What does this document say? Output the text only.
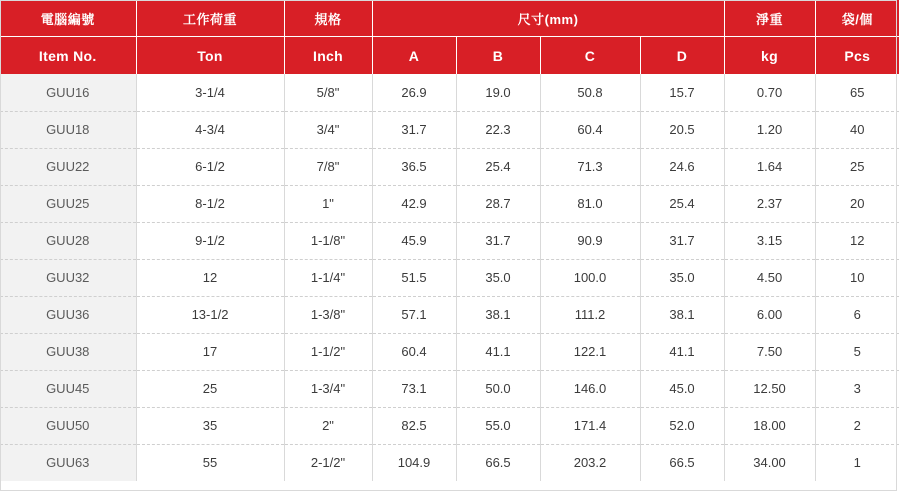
電腦編號	工作荷重	規格	尺寸(mm)				淨重	袋/個
Item No.	Ton	Inch	A	B	C	D	kg	Pcs
GUU16	3-1/4	5/8"	26.9	19.0	50.8	15.7	0.70	65
GUU18	4-3/4	3/4"	31.7	22.3	60.4	20.5	1.20	40
GUU22	6-1/2	7/8"	36.5	25.4	71.3	24.6	1.64	25
GUU25	8-1/2	1"	42.9	28.7	81.0	25.4	2.37	20
GUU28	9-1/2	1-1/8"	45.9	31.7	90.9	31.7	3.15	12
GUU32	12	1-1/4"	51.5	35.0	100.0	35.0	4.50	10
GUU36	13-1/2	1-3/8"	57.1	38.1	111.2	38.1	6.00	6
GUU38	17	1-1/2"	60.4	41.1	122.1	41.1	7.50	5
GUU45	25	1-3/4"	73.1	50.0	146.0	45.0	12.50	3
GUU50	35	2"	82.5	55.0	171.4	52.0	18.00	2
GUU63	55	2-1/2"	104.9	66.5	203.2	66.5	34.00	1
